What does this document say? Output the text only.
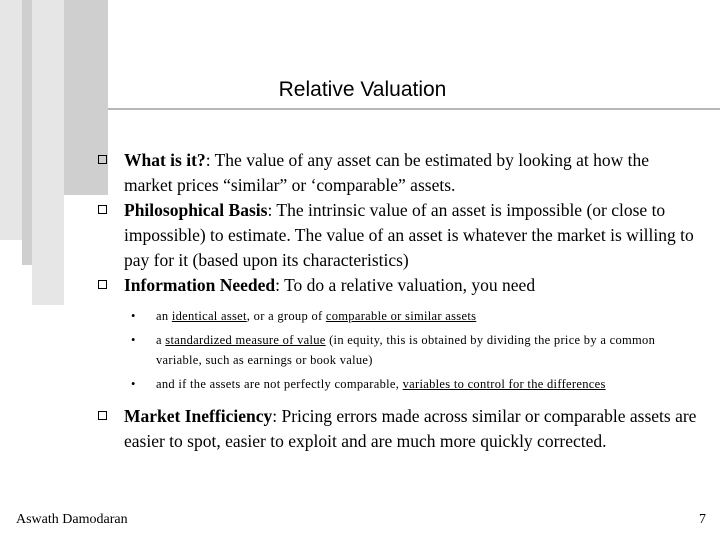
Relative Valuation
What is it?: The value of any asset can be estimated by looking at how the market prices “similar” or ‘comparable” assets.
Philosophical Basis: The intrinsic value of an asset is impossible (or close to impossible) to estimate. The value of an asset is whatever the market is willing to pay for it (based upon its characteristics)
Information Needed: To do a relative valuation, you need
• an identical asset, or a group of comparable or similar assets
• a standardized measure of value (in equity, this is obtained by dividing the price by a common variable, such as earnings or book value)
• and if the assets are not perfectly comparable, variables to control for the differences
Market Inefficiency: Pricing errors made across similar or comparable assets are easier to spot, easier to exploit and are much more quickly corrected.
Aswath Damodaran	7
